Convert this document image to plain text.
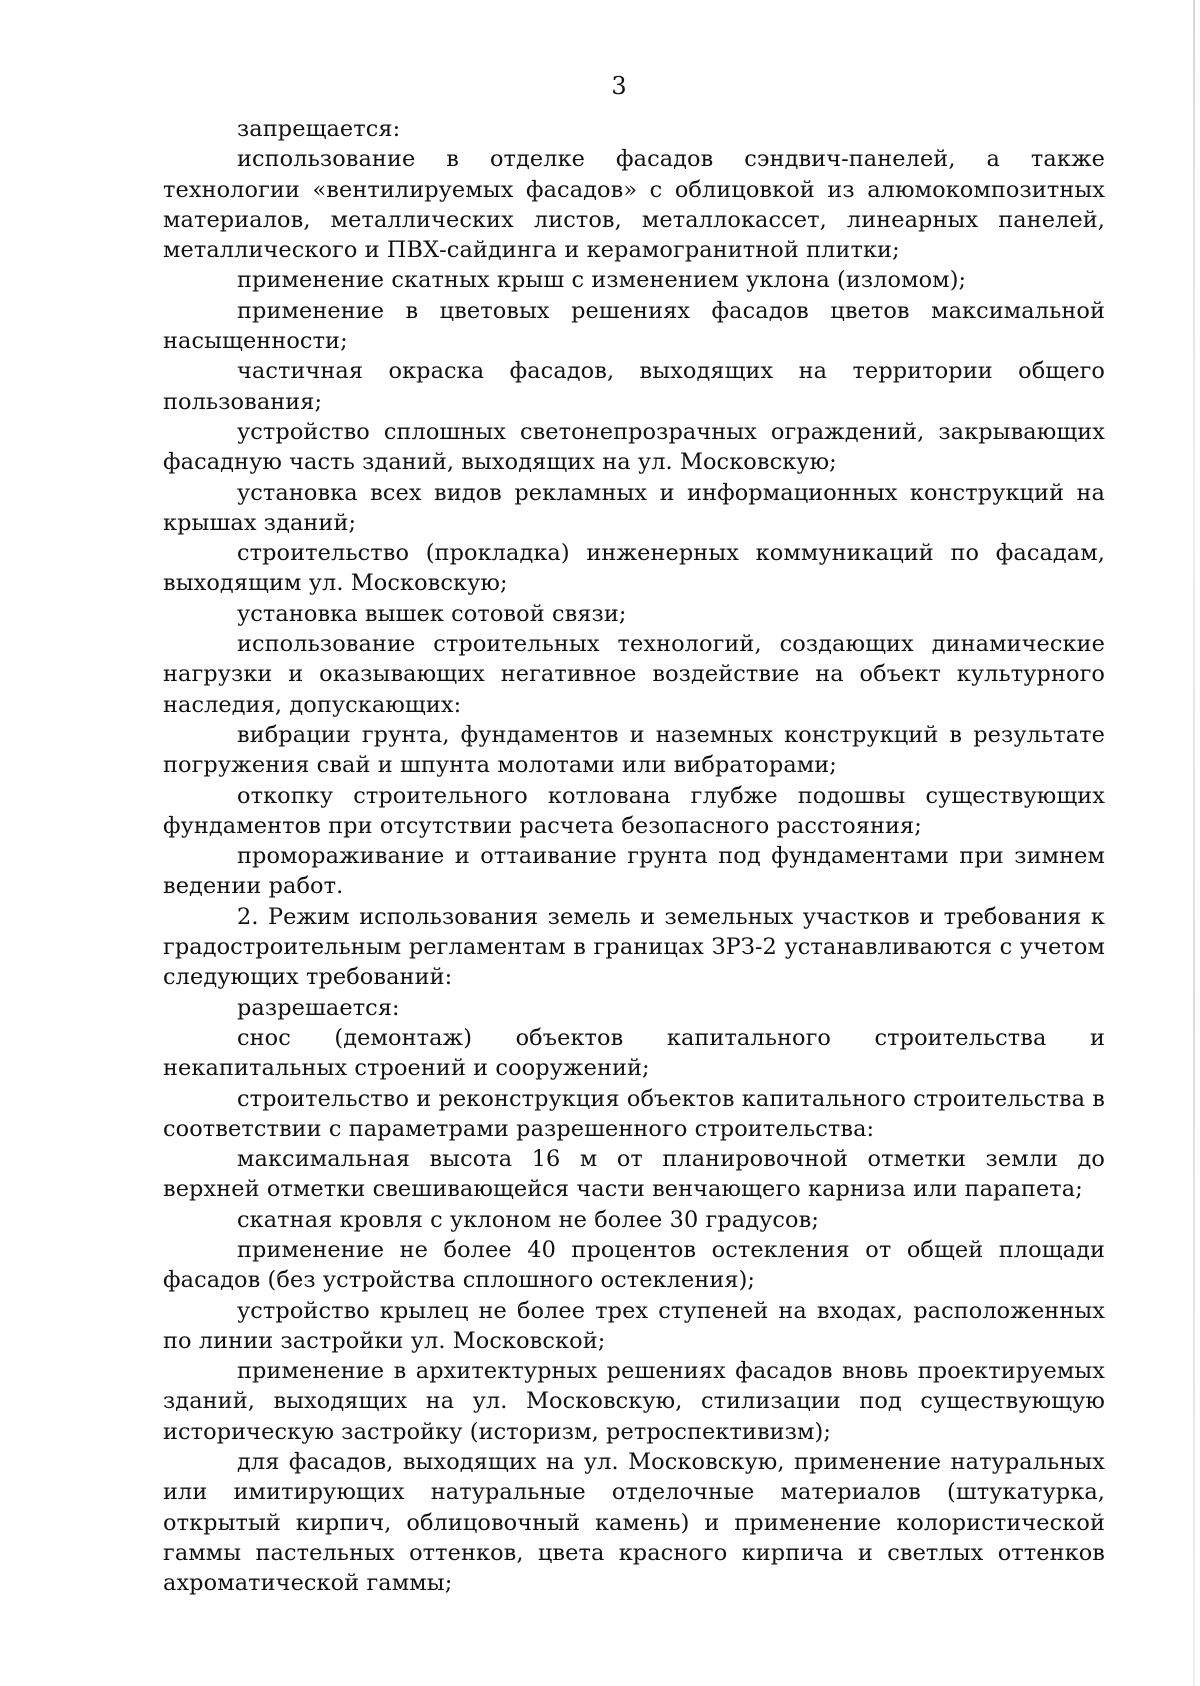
3

запрещается:

использование в отделке фасадов сэндвич-панелей, а также технологии «вентилируемых фасадов» с облицовкой из алюмокомпозитных материалов, металлических листов, металлокассет, линеарных панелей, металлического и ПВХ-сайдинга и керамогранитной плитки;

применение скатных крыш с изменением уклона (изломом);

применение в цветовых решениях фасадов цветов максимальной насыщенности;

частичная окраска фасадов, выходящих на территории общего пользования;

устройство сплошных светонепрозрачных ограждений, закрывающих фасадную часть зданий, выходящих на ул. Московскую;

установка всех видов рекламных и информационных конструкций на крышах зданий;

строительство (прокладка) инженерных коммуникаций по фасадам, выходящим ул. Московскую;

установка вышек сотовой связи;

использование строительных технологий, создающих динамические нагрузки и оказывающих негативное воздействие на объект культурного наследия, допускающих:

вибрации грунта, фундаментов и наземных конструкций в результате погружения свай и шпунта молотами или вибраторами;

откопку строительного котлована глубже подошвы существующих фундаментов при отсутствии расчета безопасного расстояния;

промораживание и оттаивание грунта под фундаментами при зимнем ведении работ.

2. Режим использования земель и земельных участков и требования к градостроительным регламентам в границах ЗРЗ-2 устанавливаются с учетом следующих требований:

разрешается:

снос (демонтаж) объектов капитального строительства и некапитальных строений и сооружений;

строительство и реконструкция объектов капитального строительства в соответствии с параметрами разрешенного строительства:

максимальная высота 16 м от планировочной отметки земли до верхней отметки свешивающейся части венчающего карниза или парапета;

скатная кровля с уклоном не более 30 градусов;

применение не более 40 процентов остекления от общей площади фасадов (без устройства сплошного остекления);

устройство крылец не более трех ступеней на входах, расположенных по линии застройки ул. Московской;

применение в архитектурных решениях фасадов вновь проектируемых зданий, выходящих на ул. Московскую, стилизации под существующую историческую застройку (историзм, ретроспективизм);

для фасадов, выходящих на ул. Московскую, применение натуральных или имитирующих натуральные отделочные материалов (штукатурка, открытый кирпич, облицовочный камень) и применение колористической гаммы пастельных оттенков, цвета красного кирпича и светлых оттенков ахроматической гаммы;
